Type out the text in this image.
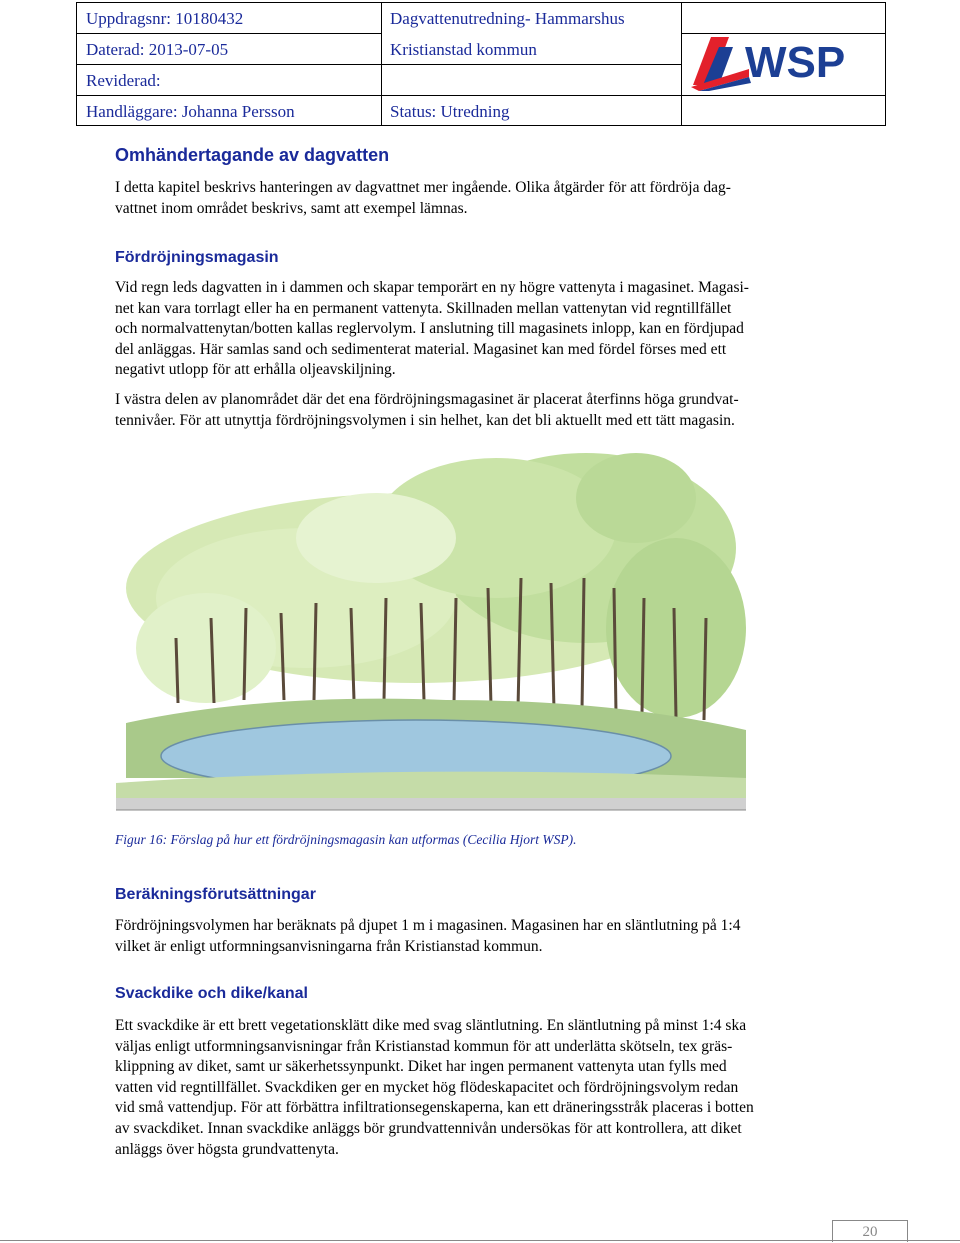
Uppdragsnr: 10180432
Daterad: 2013-07-05
Reviderad:
Handläggare: Johanna Persson
Dagvattenutredning- Hammarshus
Kristianstad kommun
Status: Utredning
WSP
Omhändertagande av dagvatten
I detta kapitel beskrivs hanteringen av dagvattnet mer ingående. Olika åtgärder för att fördröja dag-
vattnet inom området beskrivs, samt att exempel lämnas.
Fördröjningsmagasin
Vid regn leds dagvatten in i dammen och skapar temporärt en ny högre vattenyta i magasinet. Magasi-
net kan vara torrlagt eller ha en permanent vattenyta. Skillnaden mellan vattenytan vid regntillfället
och normalvattenytan/botten kallas reglervolym. I anslutning till magasinets inlopp, kan en fördjupad
del anläggas. Här samlas sand och sedimenterat material. Magasinet kan med fördel förses med ett
negativt utlopp för att erhålla oljeavskiljning.
I västra delen av planområdet där det ena fördröjningsmagasinet är placerat återfinns höga grundvat-
tennivåer. För att utnyttja fördröjningsvolymen i sin helhet, kan det bli aktuellt med ett tätt magasin.
Figur 16: Förslag på hur ett fördröjningsmagasin kan utformas (Cecilia Hjort WSP).
Beräkningsförutsättningar
Fördröjningsvolymen har beräknats på djupet 1 m i magasinen. Magasinen har en släntlutning på 1:4
vilket är enligt utformningsanvisningarna från Kristianstad kommun.
Svackdike och dike/kanal
Ett svackdike är ett brett vegetationsklätt dike med svag släntlutning. En släntlutning på minst 1:4 ska
väljas enligt utformningsanvisningar från Kristianstad kommun för att underlätta skötseln, tex gräs-
klippning av diket, samt ur säkerhetssynpunkt. Diket har ingen permanent vattenyta utan fylls med
vatten vid regntillfället. Svackdiken ger en mycket hög flödeskapacitet och fördröjningsvolym redan
vid små vattendjup. För att förbättra infiltrationsegenskaperna, kan ett dräneringsstråk placeras i botten
av svackdiket. Innan svackdike anläggs bör grundvattennivån undersökas för att kontrollera, att diket
anläggs över högsta grundvattenyta.
20
